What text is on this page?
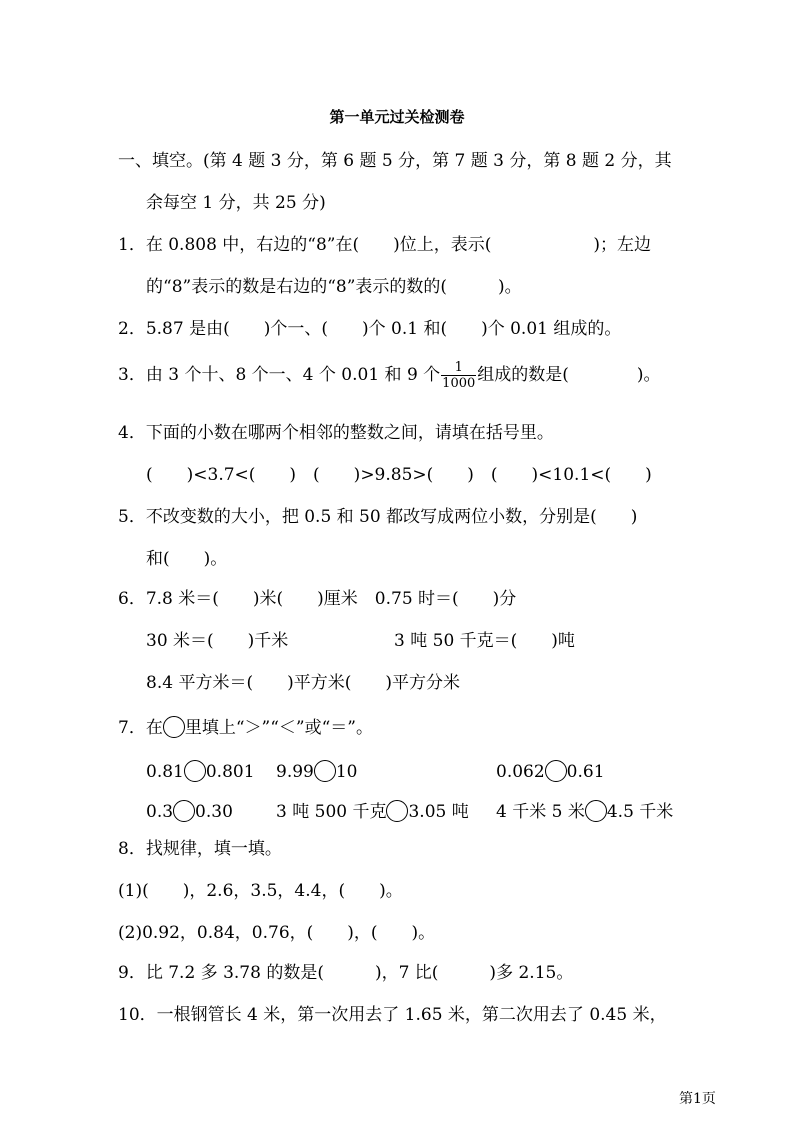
第一单元过关检测卷
一、填空。(第 4 题 3 分，第 6 题 5 分，第 7 题 3 分，第 8 题 2 分，其
余每空 1 分，共 25 分)
1．在 0.808 中，右边的“8”在(　　)位上，表示(　　　　　　)；左边
的“8”表示的数是右边的“8”表示的数的(　　　)。
2．5.87 是由(　　)个一、(　　)个 0.1 和(　　)个 0.01 组成的。
3．由 3 个十、8 个一、4 个 0.01 和 9 个 $\frac{1}{1000}$ 组成的数是(　　　　)。
4．下面的小数在哪两个相邻的整数之间，请填在括号里。
(　　)<3.7<(　　)　(　　)>9.85>(　　)　(　　)<10.1<(　　)
5．不改变数的大小，把 0.5 和 50 都改写成两位小数，分别是(　　)
和(　　)。
6．7.8 米＝(　　)米(　　)厘米　0.75 时＝(　　)分
30 米＝(　　)千米	3 吨 50 千克＝(　　)吨
8.4 平方米＝(　　)平方米(　　)平方分米
7．在 里填上“＞”“＜”或“＝”。
0.81 0.801 9.99 10	0.062 0.61
0.3 0.30	3 吨 500 千克 3.05 吨 4 千米 5 米 4.5 千米
8．找规律，填一填。
(1)(　　)，2.6，3.5，4.4，(　　)。
(2)0.92，0.84，0.76，(　　)，(　　)。
9．比 7.2 多 3.78 的数是(　　　)，7 比(　　　)多 2.15。
10．一根钢管长 4 米，第一次用去了 1.65 米，第二次用去了 0.45 米，
第1页
